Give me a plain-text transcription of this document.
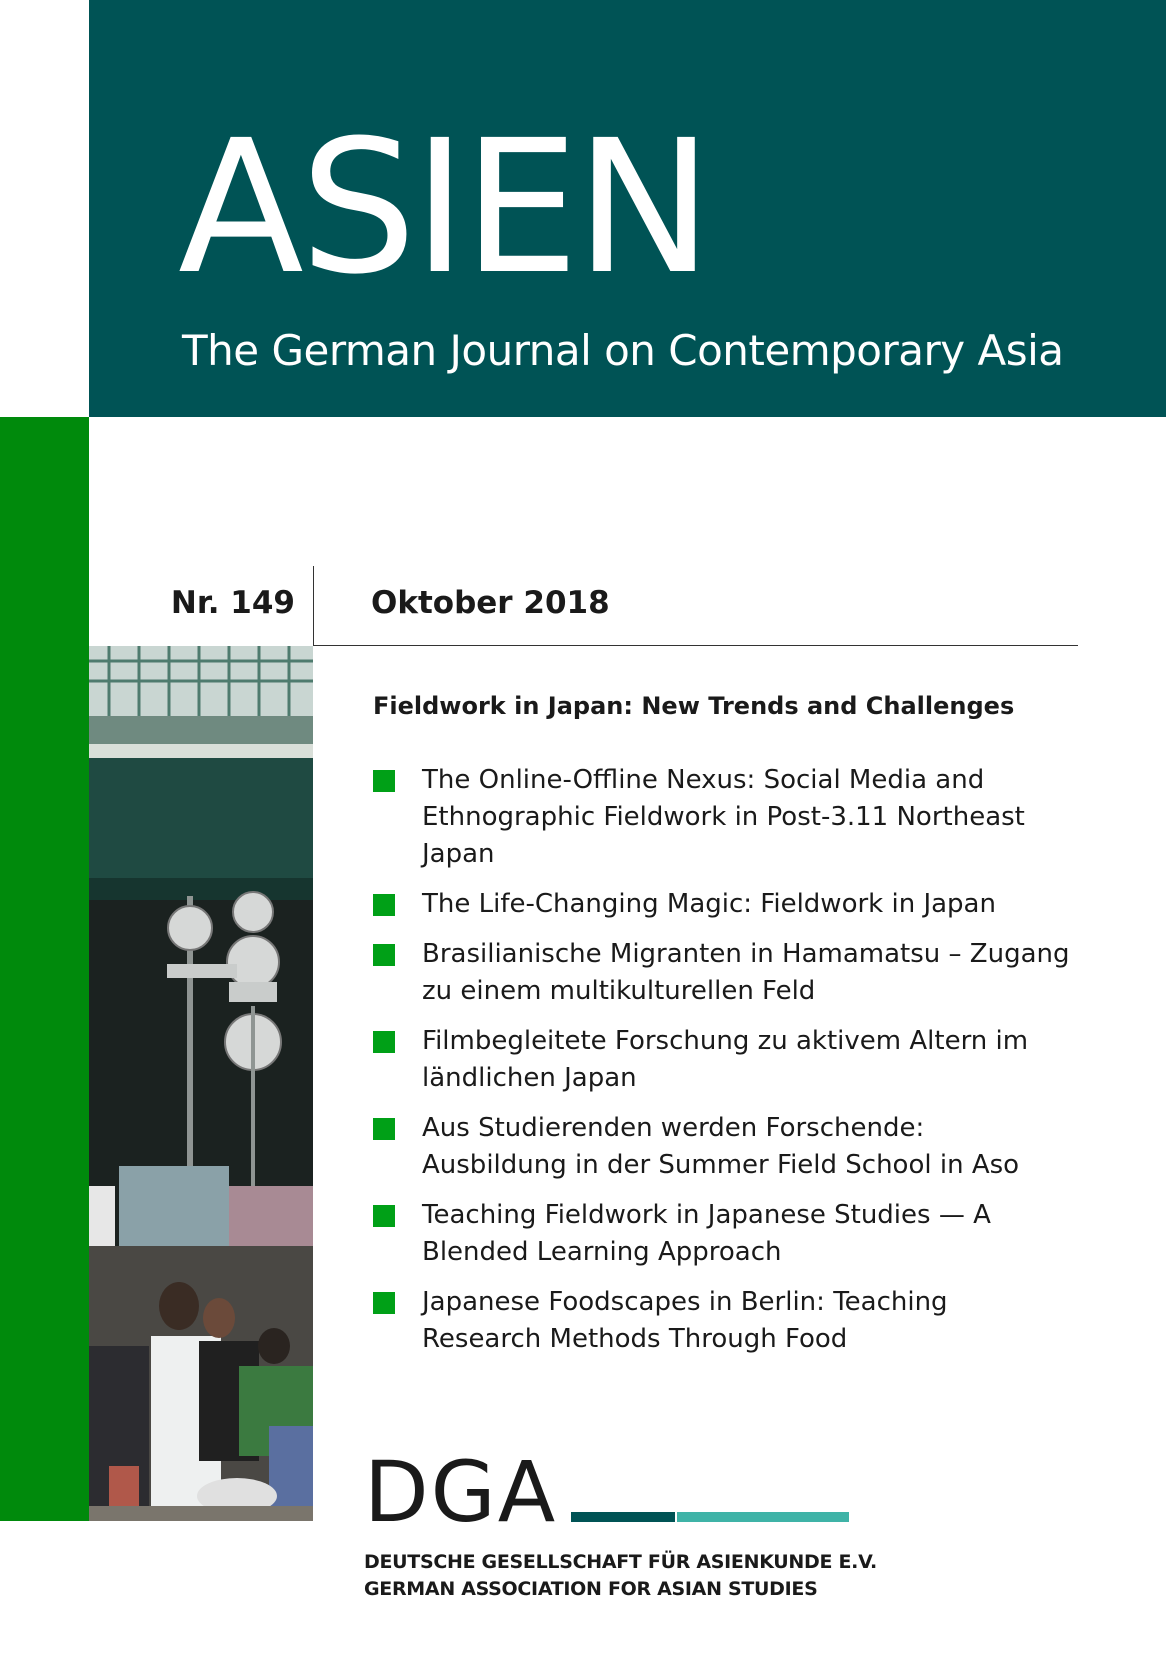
ASIEN
The German Journal on Contemporary Asia
Nr. 149 Oktober 2018
Fieldwork in Japan: New Trends and Challenges
The Online-Offline Nexus: Social Media and Ethnographic Fieldwork in Post-3.11 Northeast Japan
The Life-Changing Magic: Fieldwork in Japan
Brasilianische Migranten in Hamamatsu – Zugang zu einem multikulturellen Feld
Filmbegleitete Forschung zu aktivem Altern im ländlichen Japan
Aus Studierenden werden Forschende: Ausbildung in der Summer Field School in Aso
Teaching Fieldwork in Japanese Studies — A Blended Learning Approach
Japanese Foodscapes in Berlin: Teaching Research Methods Through Food
DGA
DEUTSCHE GESELLSCHAFT FÜR ASIENKUNDE E.V.
GERMAN ASSOCIATION FOR ASIAN STUDIES
